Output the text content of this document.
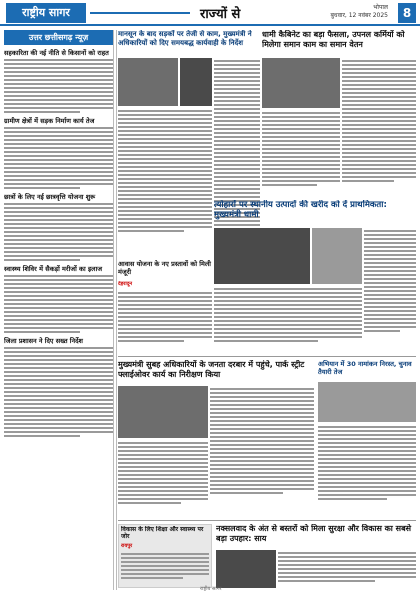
राष्ट्रीय सागर	राज्यों से	भोपाल
बुधवार, 12 नवंबर 2025	8
उत्तर छत्तीसगढ़ न्यूज़
सहकारिता की नई नीति से किसानों को राहत
ग्रामीण क्षेत्रों में सड़क निर्माण कार्य तेज
छात्रों के लिए नई छात्रवृत्ति योजना शुरू
स्वास्थ्य शिविर में सैकड़ों मरीजों का इलाज
जिला प्रशासन ने दिए सख्त निर्देश
मानसून के बाद सड़कों पर तेजी से काम, मुख्यमंत्री ने अधिकारियों को दिए समयबद्ध कार्यवाही के निर्देश
धामी कैबिनेट का बड़ा फैसला, उपनल कर्मियों को मिलेगा समान काम का समान वेतन
आवास योजना के नए प्रस्तावों को मिली मंजूरी
देहरादून
त्योहारों पर स्थानीय उत्पादों की खरीद को दें प्राथमिकता: मुख्यमंत्री धामी
मुख्यमंत्री सुबह अधिकारियों के जनता दरबार में पहुंचे, पार्क स्ट्रीट फ्लाईओवर कार्य का निरीक्षण किया
अभियान में 30 नामांकन निरस्त, चुनाव तैयारी तेज
विकास के लिए शिक्षा और स्वास्थ्य पर जोर
रायपुर
नक्सलवाद के अंत से बस्तरों को मिला सुरक्षा और विकास का सबसे बड़ा उपहार: साय
राष्ट्रीय सागर
